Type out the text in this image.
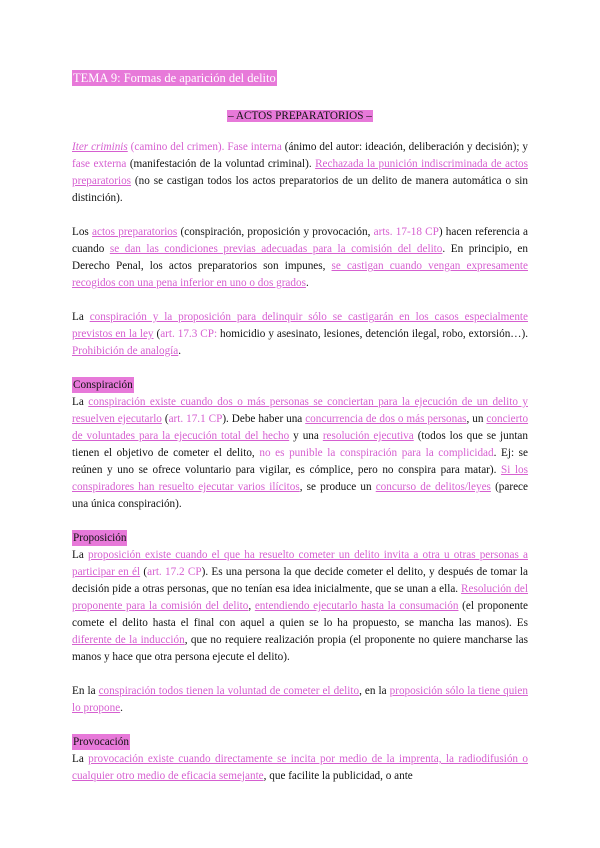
TEMA 9: Formas de aparición del delito
– ACTOS PREPARATORIOS –

Iter criminis (camino del crimen). Fase interna (ánimo del autor: ideación, deliberación y decisión); y fase externa (manifestación de la voluntad criminal). Rechazada la punición indiscriminada de actos preparatorios (no se castigan todos los actos preparatorios de un delito de manera automática o sin distinción).

Los actos preparatorios (conspiración, proposición y provocación, arts. 17-18 CP) hacen referencia a cuando se dan las condiciones previas adecuadas para la comisión del delito. En principio, en Derecho Penal, los actos preparatorios son impunes, se castigan cuando vengan expresamente recogidos con una pena inferior en uno o dos grados.

La conspiración y la proposición para delinquir sólo se castigarán en los casos especialmente previstos en la ley (art. 17.3 CP: homicidio y asesinato, lesiones, detención ilegal, robo, extorsión…). Prohibición de analogía.

Conspiración

La conspiración existe cuando dos o más personas se conciertan para la ejecución de un delito y resuelven ejecutarlo (art. 17.1 CP). Debe haber una concurrencia de dos o más personas, un concierto de voluntades para la ejecución total del hecho y una resolución ejecutiva (todos los que se juntan tienen el objetivo de cometer el delito, no es punible la conspiración para la complicidad. Ej: se reúnen y uno se ofrece voluntario para vigilar, es cómplice, pero no conspira para matar). Si los conspiradores han resuelto ejecutar varios ilícitos, se produce un concurso de delitos/leyes (parece una única conspiración).

Proposición

La proposición existe cuando el que ha resuelto cometer un delito invita a otra u otras personas a participar en él (art. 17.2 CP). Es una persona la que decide cometer el delito, y después de tomar la decisión pide a otras personas, que no tenían esa idea inicialmente, que se unan a ella. Resolución del proponente para la comisión del delito, entendiendo ejecutarlo hasta la consumación (el proponente comete el delito hasta el final con aquel a quien se lo ha propuesto, se mancha las manos). Es diferente de la inducción, que no requiere realización propia (el proponente no quiere mancharse las manos y hace que otra persona ejecute el delito).

En la conspiración todos tienen la voluntad de cometer el delito, en la proposición sólo la tiene quien lo propone.

Provocación

La provocación existe cuando directamente se incita por medio de la imprenta, la radiodifusión o cualquier otro medio de eficacia semejante, que facilite la publicidad, o ante
